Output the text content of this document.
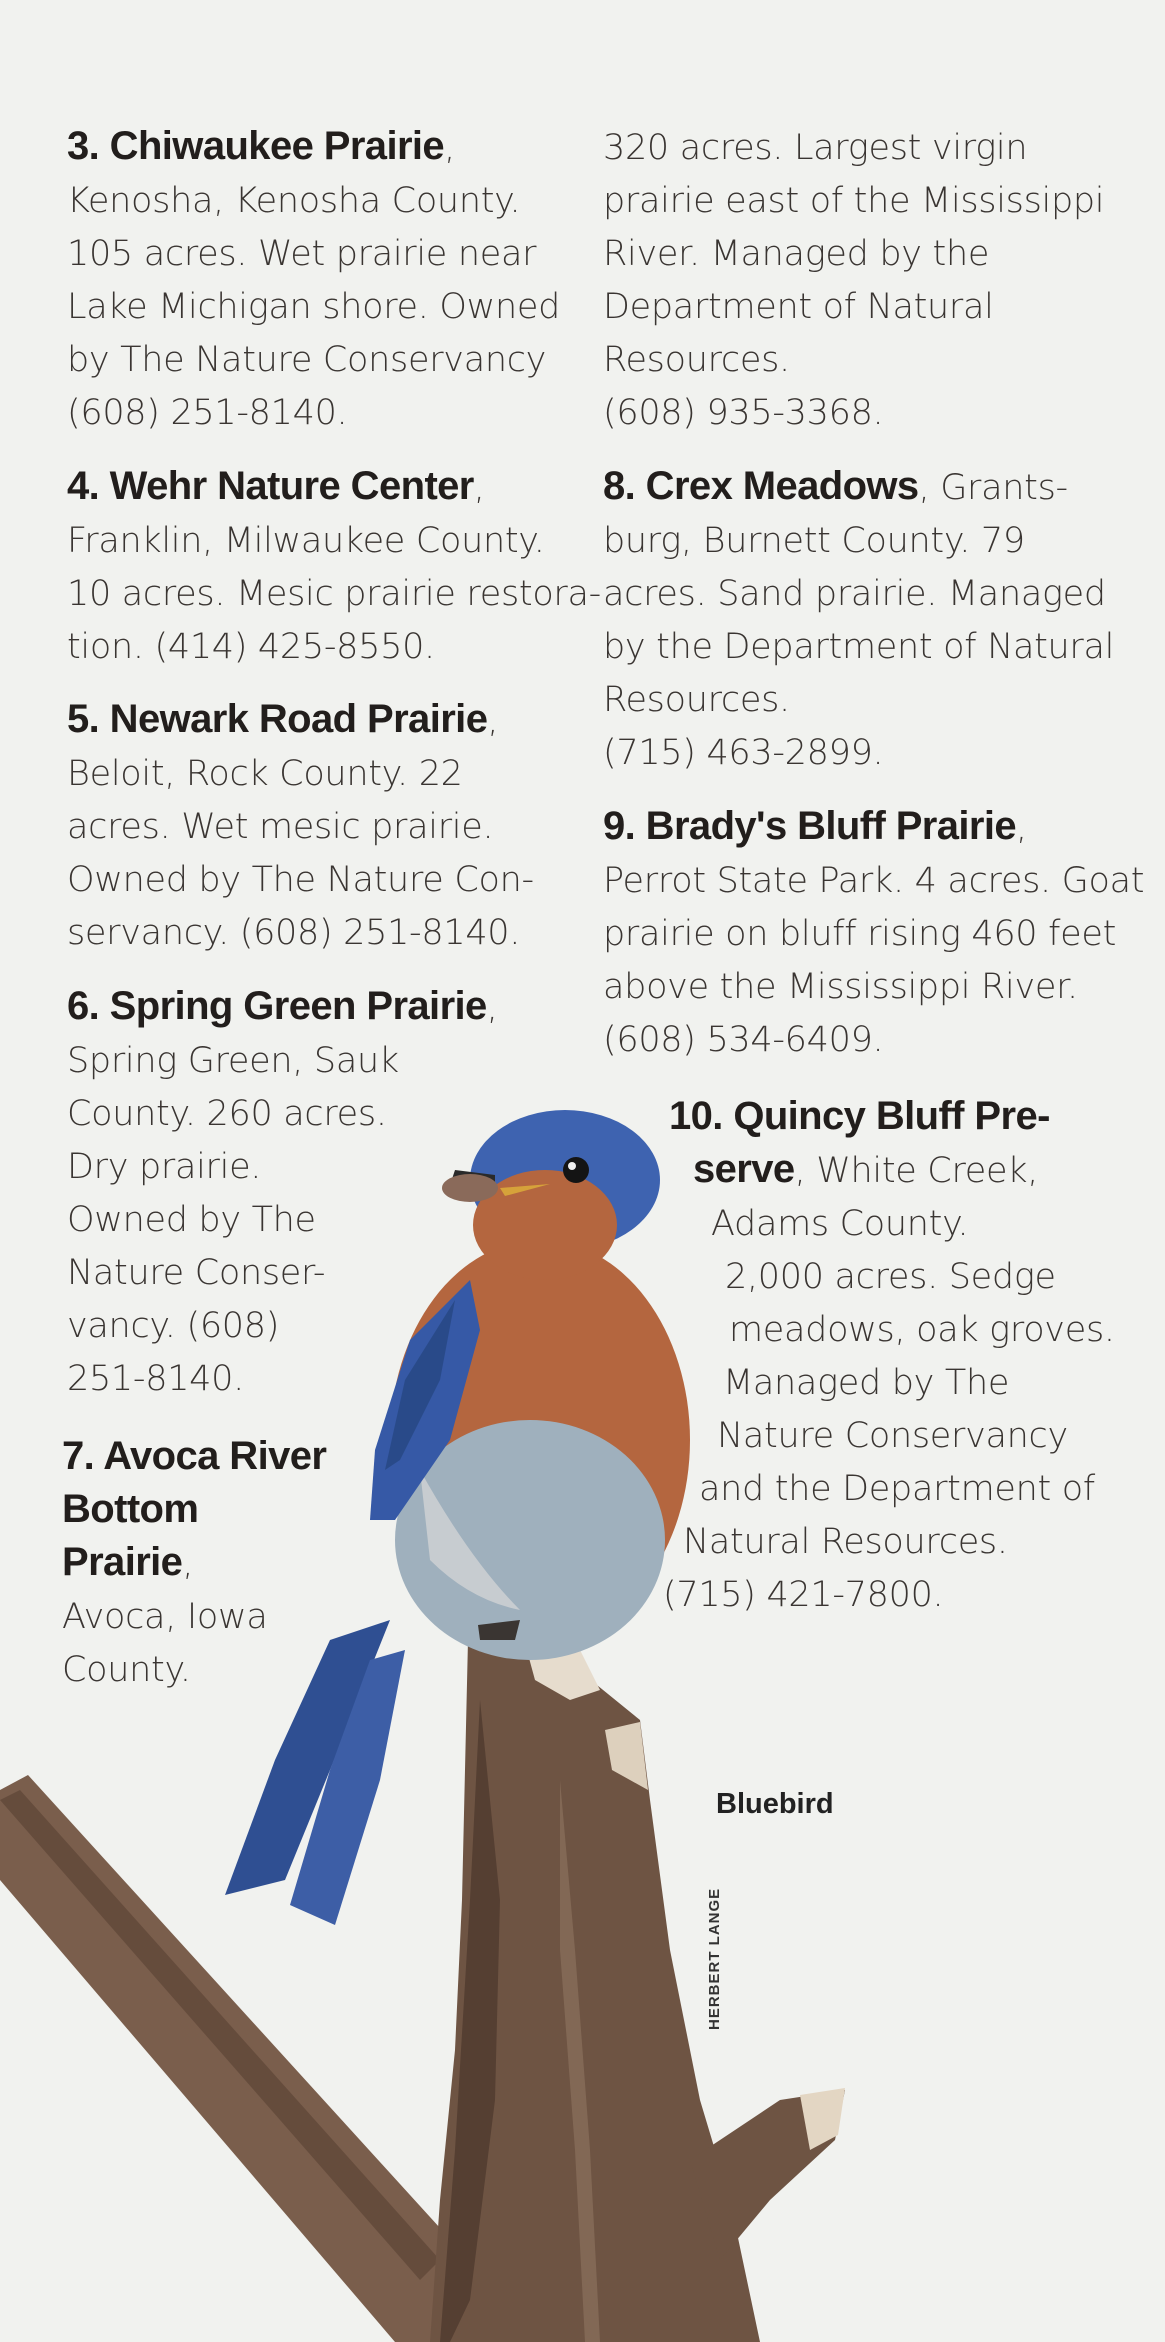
3. Chiwaukee Prairie,
Kenosha, Kenosha County.
105 acres. Wet prairie near
Lake Michigan shore. Owned
by The Nature Conservancy
(608) 251-8140.
4. Wehr Nature Center,
Franklin, Milwaukee County.
10 acres. Mesic prairie restora-
tion. (414) 425-8550.
5. Newark Road Prairie,
Beloit, Rock County. 22
acres. Wet mesic prairie.
Owned by The Nature Con-
servancy. (608) 251-8140.
6. Spring Green Prairie,
Spring Green, Sauk
County. 260 acres.
Dry prairie.
Owned by The
Nature Conser-
vancy. (608)
251-8140.
7. Avoca River
Bottom
Prairie,
Avoca, Iowa
County.
320 acres. Largest virgin
prairie east of the Mississippi
River. Managed by the
Department of Natural
Resources.
(608) 935-3368.
8. Crex Meadows, Grants-
burg, Burnett County. 79
acres. Sand prairie. Managed
by the Department of Natural
Resources.
(715) 463-2899.
9. Brady's Bluff Prairie,
Perrot State Park. 4 acres. Goat
prairie on bluff rising 460 feet
above the Mississippi River.
(608) 534-6409.
10. Quincy Bluff Pre-
serve, White Creek,
Adams County.
2,000 acres. Sedge
meadows, oak groves.
Managed by The
Nature Conservancy
and the Department of
Natural Resources.
(715) 421-7800.
Bluebird
HERBERT LANGE
